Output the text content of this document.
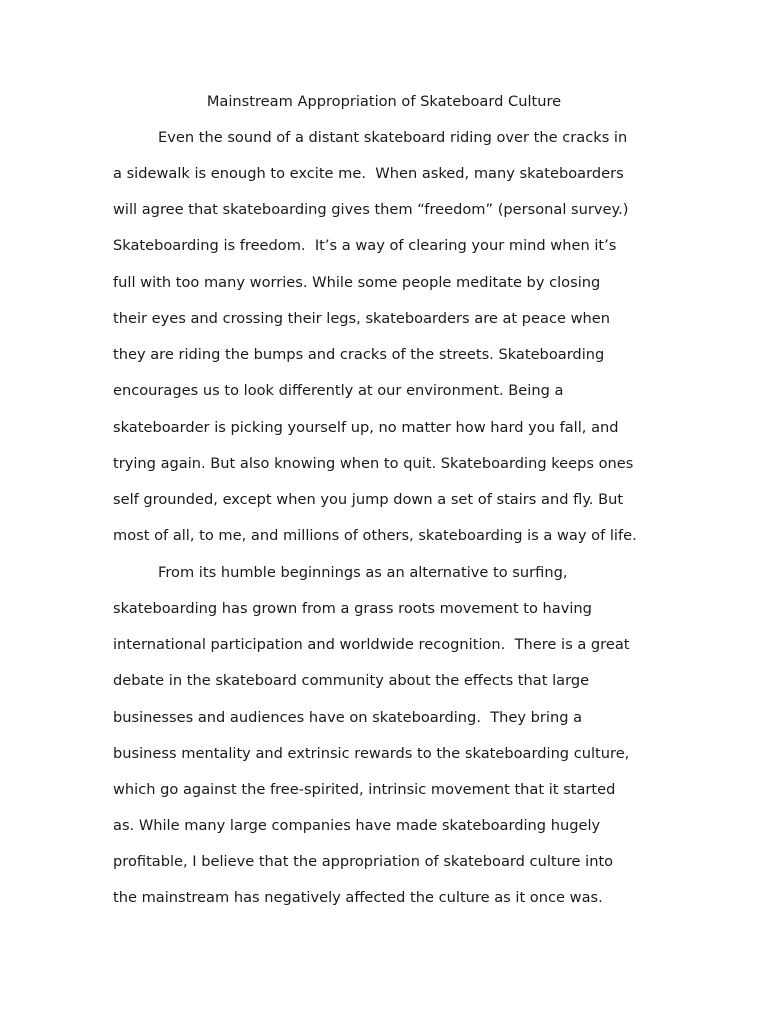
Mainstream Appropriation of Skateboard Culture
Even the sound of a distant skateboard riding over the cracks in
a sidewalk is enough to excite me.  When asked, many skateboarders
will agree that skateboarding gives them “freedom” (personal survey.)
Skateboarding is freedom.  It’s a way of clearing your mind when it’s
full with too many worries. While some people meditate by closing
their eyes and crossing their legs, skateboarders are at peace when
they are riding the bumps and cracks of the streets. Skateboarding
encourages us to look differently at our environment. Being a
skateboarder is picking yourself up, no matter how hard you fall, and
trying again. But also knowing when to quit. Skateboarding keeps ones
self grounded, except when you jump down a set of stairs and fly. But
most of all, to me, and millions of others, skateboarding is a way of life.
From its humble beginnings as an alternative to surfing,
skateboarding has grown from a grass roots movement to having
international participation and worldwide recognition.  There is a great
debate in the skateboard community about the effects that large
businesses and audiences have on skateboarding.  They bring a
business mentality and extrinsic rewards to the skateboarding culture,
which go against the free-spirited, intrinsic movement that it started
as. While many large companies have made skateboarding hugely
profitable, I believe that the appropriation of skateboard culture into
the mainstream has negatively affected the culture as it once was.
